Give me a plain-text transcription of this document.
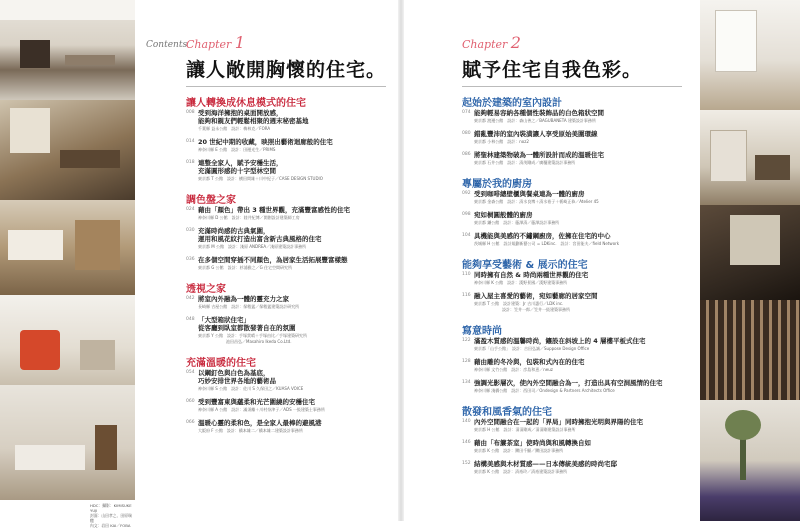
HDC：攝影：KIMISUKE YUJI
封面：山田孝之、田原瑞穗
內文：岩田 KAI／FOBA
Contents
Chapter 1
讓人敞開胸懷的住宅。
讓人轉換成休息模式的住宅
008 受到海洋擁抱的桌面開放感，
能夠和親友們輕鬆相聚的週末秘密基地
千葉縣 益永公館　設計：梅林克／FORA
014 20 世紀中期的收藏，映照出藝術迴廊般的住宅
神奈川縣 E 公館　設計：田邊光生／PRIMS
018 連整全家人，賦予安穩生活，
充滿圓形感的十字型林空間
東京都 T 公館　設計：橫田間雄＋川中紀子／CASE DESIGN STUDIO
調色盤之家
024 藉由「顏色」帶出 3 種世界觀，充滿豐富感性的住宅
神奈川縣 D 公館　設計：陸井紀博／開創設計建築師工房
030 充滿時尚感的古典氣圍，
運用和風花紋打造出富含新古典風格的住宅
東京都 M 公館　設計：淺原 ANDREA／淺原建築設計事務所
036 在多個空間穿插不同顏色，為居家生活拓展豐富樣態
東京都 G 公館　設計：杉浦雅之／G 住宅空間研究所
透視之家
042 將室內外融為一體的靈充力之家
長崎縣 吉屋公館　設計：保稻猛／保稻猛建築設計研究所
048 「大型箱狀住宅」
從客廳到臥室都散發著自在的氛圍
東京都 Y 公館　設計：手塚貴晴＋手塚由比／手塚建築研究所
池田昌弘／Masahiro Ikeda Co.Ltd.
充滿溫暖的住宅
054 以鋼釘色與白色為基底，
巧妙安排世界各地的藝術品
神奈川縣 S 公館　設計：佐川 S 久保田之／KUASA VOICE
060 受到豐富東與蘊柔和光芒圍繞的安穩住宅
神奈川縣 A 公館　設計：滿須離＋川村奈津子／ADS 一級建築士事務所
066 溫暖心靈的柔和色，是全家人最棒的避風港
大阪府 F 公館　設計：橋本雄二／橋本雄二建築設計事務所
Chapter 2
賦予住宅自我色彩。
起始於建築的室內設計
074 能夠輕易容納各種個性裝飾品的白色箱狀空間
東京都 渡邊公館　設計：森山善之／BAGUBANETA 建築設計事務所
080 錯亂豐沛的室內裝潢讓人享受原始美圍環線
東京都 小林公館　設計：noz2
086 將聖林建築物破為一體所設計而成的溫暖住宅
東京都 石井公館　設計：清茂剛成／廣穰建築設計事務所
專屬於我的廚房
092 受到咖啡總壁櫃與餐桌連為一體的廚房
東京都 金森公館　設計：清水良博＋清水裕子＋栃崎正恭／Atelier 45
098 宛如桐圓般體的廚房
東京都 鎌公館　設計：藤澤清／藤澤設計事務所
104 具機能與美感的不鏽鋼廚房，佐擁在住宅的中心
茨城縣 H 公館　設計規劃新藝公司 = LDKinc.　設計：宮田能夫／field Network
能夠享受藝術 & 展示的住宅
110 同時擁有自然 & 時尚兩種世界觀的住宅
神奈川縣 K 公館　設計：漢野景國／漢野建築事務所
116 融入屋主喜愛的藝術，宛如藝廊的居家空間
東京都 T 公館　設計建築：Jr 吉川惠行／LDK inc.
設計：笠井一郎／笠井一級建築事務所
寫意時尚
122 滿盈木質感的溫馨時尚，鑲設在斜坡上的 4 層樓平板式住宅
東京都「山手公館」　設計：吉田弘誠／Suppose Design Office
128 藉由雕的冬冷與，包裝和式內在的住宅
神奈川縣 文竹公館　設計：彦島和恵／neuz
134 強調光影層次，使內外空間融合為一，打造出具有空洞風情的住宅
神奈川縣 淺橋公館　設計：西田司／Ondesign & Partners Architects Office
散發和風香氣的住宅
140 內外空間融合在一起的「界局」同時擁抱光明與界陽的住宅
東京都 H 公館　設計：清清剛成／清清剛建築設計事務所
146 藉由「布簾茶室」使時尚與和風轉換自如
東京都 K 公館　設計：鑽田千顯／鑽田設計事務所
152 結構美感與木材質感——日本傳統美感的時尚宅邸
東京都 K 公館　設計：清裕玲／清裕建築設計事務所
